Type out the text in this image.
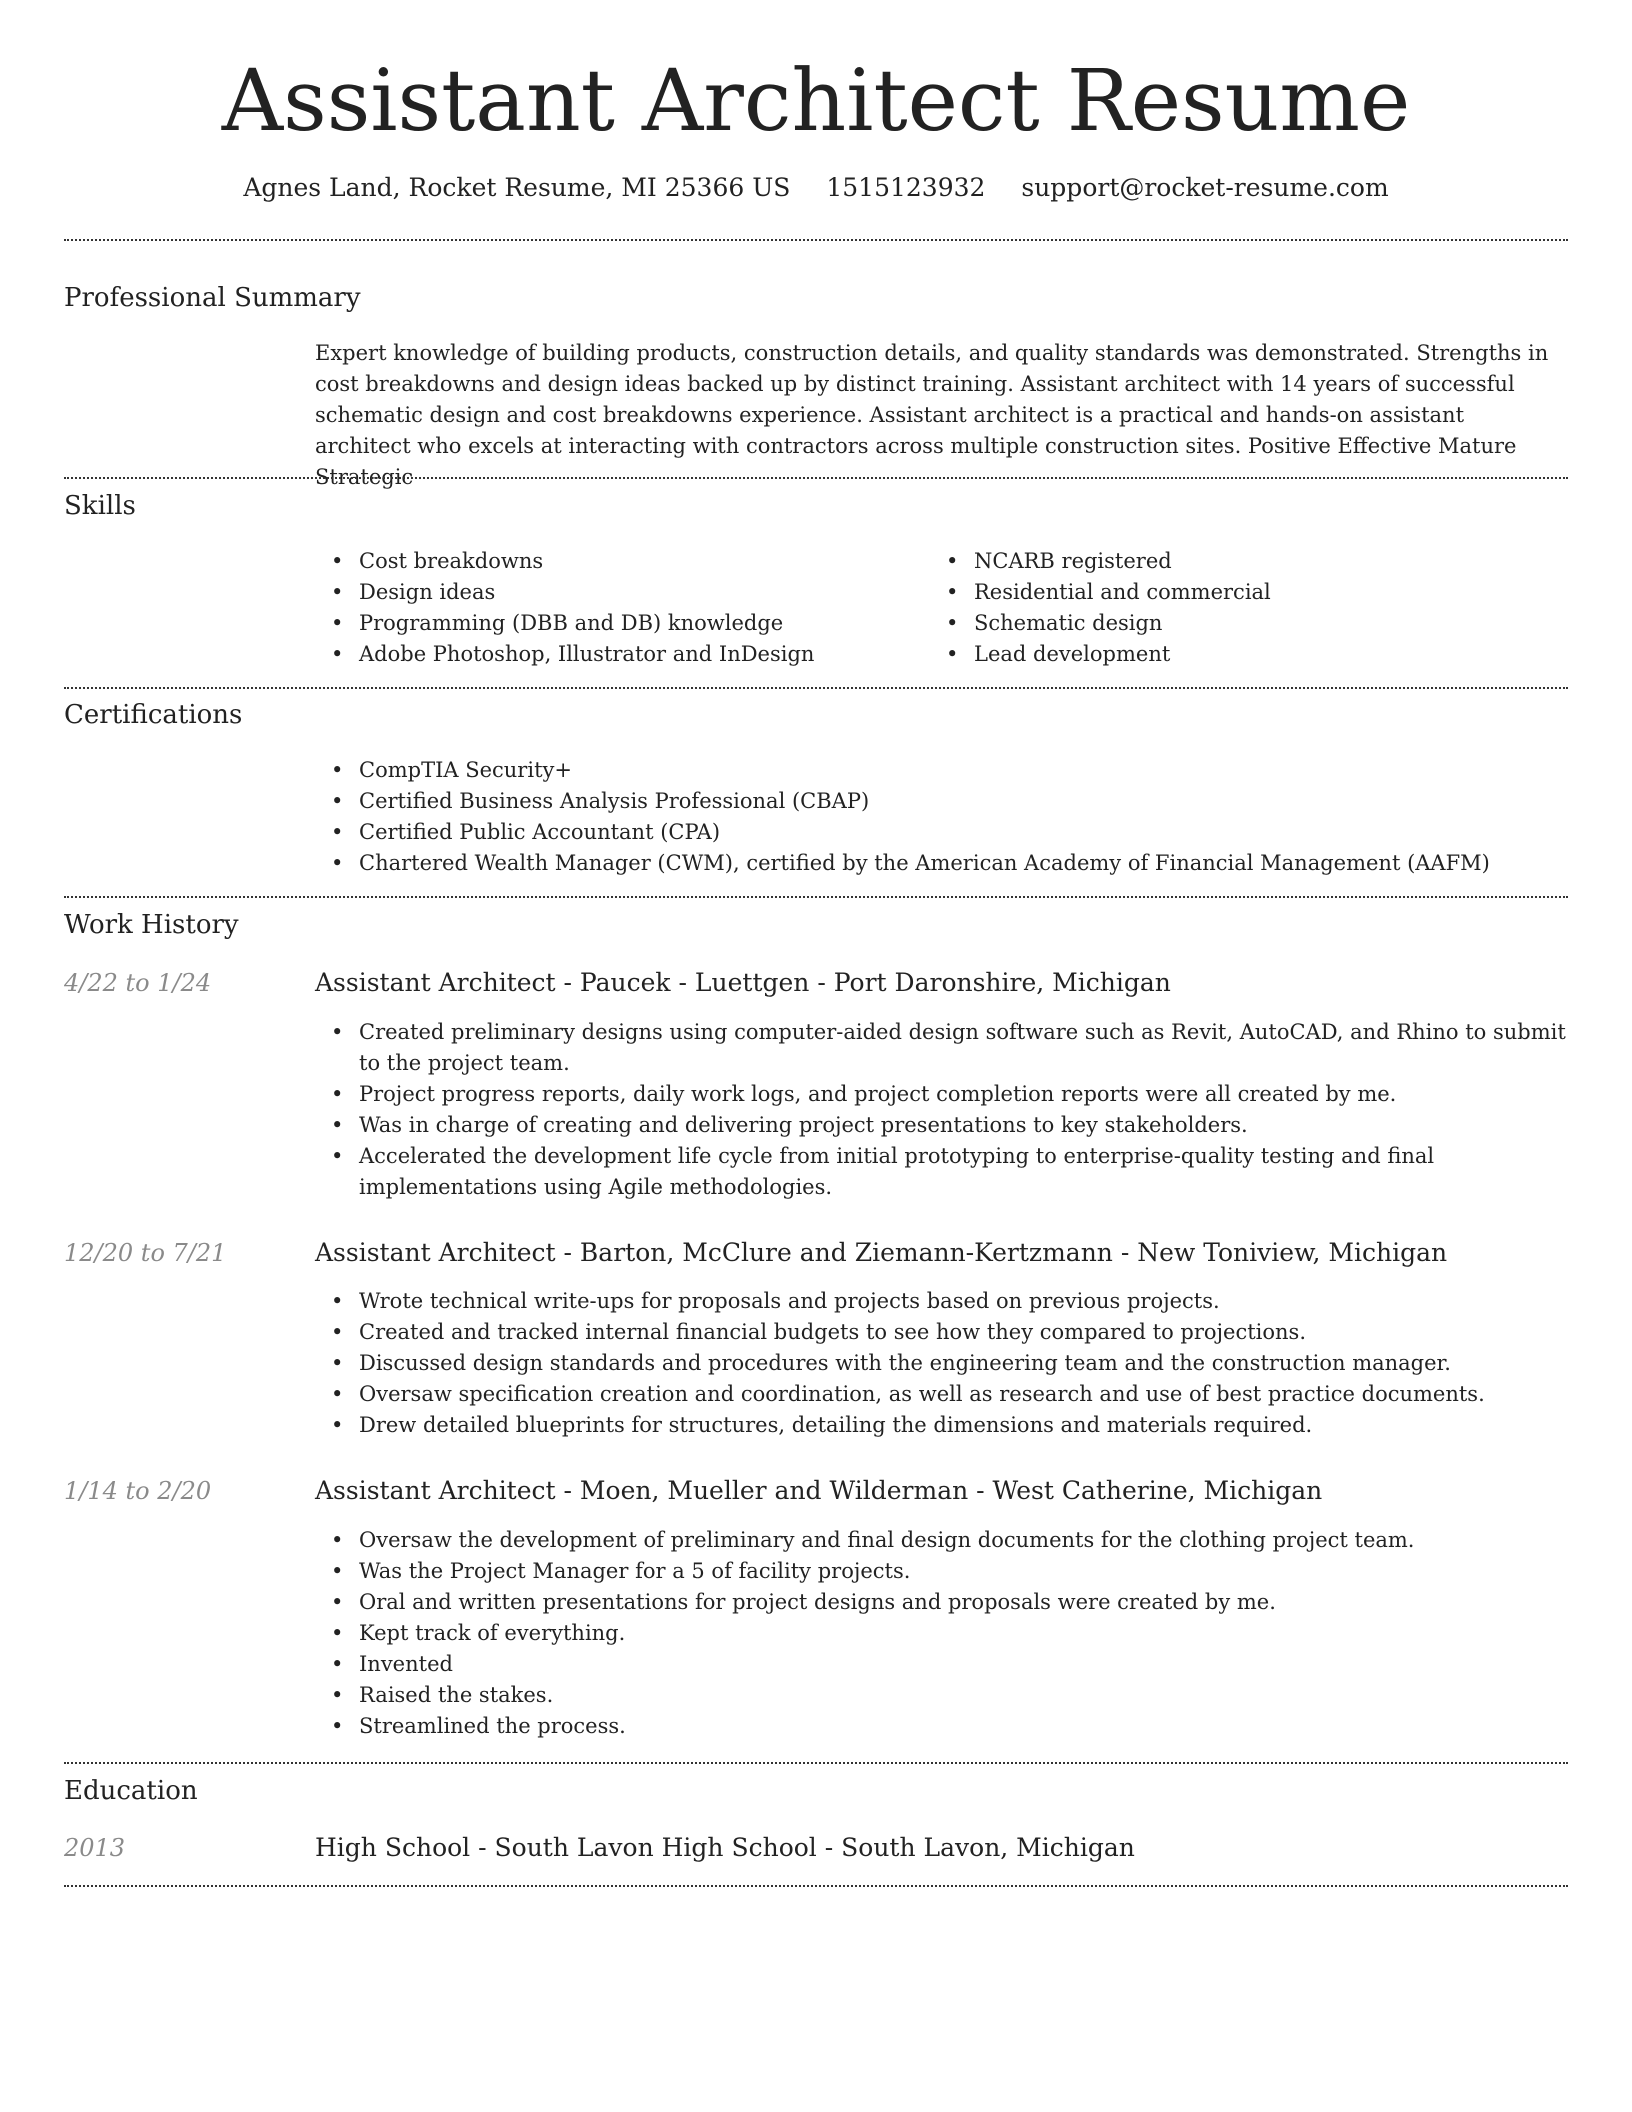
Assistant Architect Resume
Agnes Land, Rocket Resume, MI 25366 US 1515123932 support@rocket-resume.com
Professional Summary

Expert knowledge of building products, construction details, and quality standards was demonstrated. Strengths in cost breakdowns and design ideas backed up by distinct training. Assistant architect with 14 years of successful schematic design and cost breakdowns experience. Assistant architect is a practical and hands-on assistant architect who excels at interacting with contractors across multiple construction sites. Positive Effective Mature Strategic

Skills
• Cost breakdowns
• Design ideas
• Programming (DBB and DB) knowledge
• Adobe Photoshop, Illustrator and InDesign
• NCARB registered
• Residential and commercial
• Schematic design
• Lead development
Certifications
• CompTIA Security+
• Certified Business Analysis Professional (CBAP)
• Certified Public Accountant (CPA)
• Chartered Wealth Manager (CWM), certified by the American Academy of Financial Management (AAFM)
Work History
4/22 to 1/24	Assistant Architect - Paucek - Luettgen - Port Daronshire, Michigan
• Created preliminary designs using computer-aided design software such as Revit, AutoCAD, and Rhino to submit to the project team.
• Project progress reports, daily work logs, and project completion reports were all created by me.
• Was in charge of creating and delivering project presentations to key stakeholders.
• Accelerated the development life cycle from initial prototyping to enterprise-quality testing and final implementations using Agile methodologies.
12/20 to 7/21	Assistant Architect - Barton, McClure and Ziemann-Kertzmann - New Toniview, Michigan
• Wrote technical write-ups for proposals and projects based on previous projects.
• Created and tracked internal financial budgets to see how they compared to projections.
• Discussed design standards and procedures with the engineering team and the construction manager.
• Oversaw specification creation and coordination, as well as research and use of best practice documents.
• Drew detailed blueprints for structures, detailing the dimensions and materials required.
1/14 to 2/20	Assistant Architect - Moen, Mueller and Wilderman - West Catherine, Michigan
• Oversaw the development of preliminary and final design documents for the clothing project team.
• Was the Project Manager for a 5 of facility projects.
• Oral and written presentations for project designs and proposals were created by me.
• Kept track of everything.
• Invented
• Raised the stakes.
• Streamlined the process.
Education
2013	High School - South Lavon High School - South Lavon, Michigan
